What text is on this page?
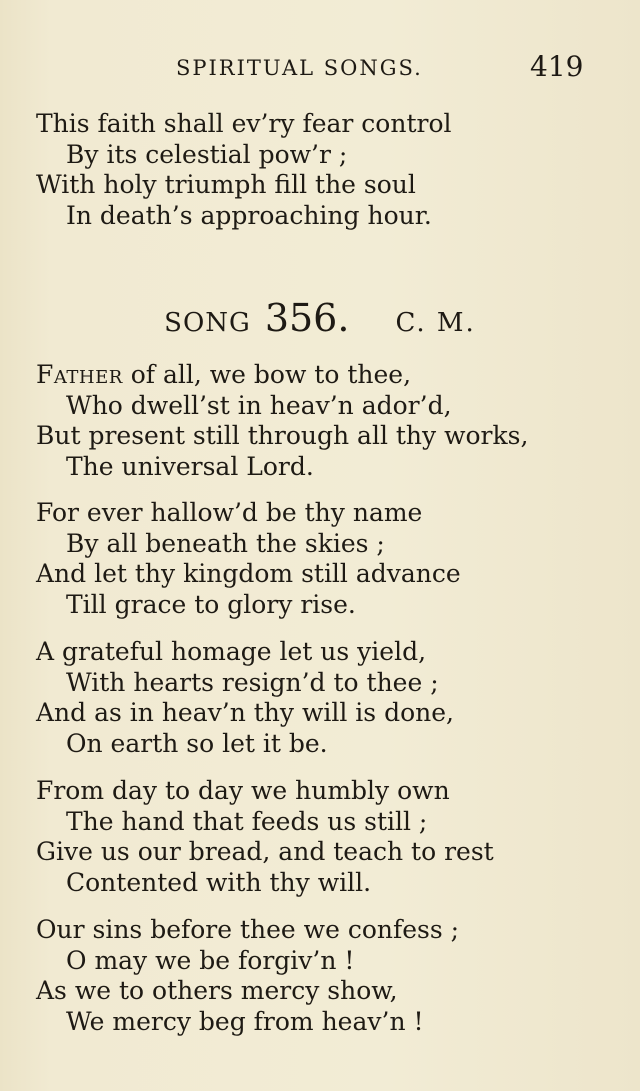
SPIRITUAL SONGS.	419
This faith shall ev’ry fear control
By its celestial pow’r ;
With holy triumph fill the soul
In death’s approaching hour.
SONG 356. C. M.
Father of all, we bow to thee,
Who dwell’st in heav’n ador’d,
But present still through all thy works,
The universal Lord.
For ever hallow’d be thy name
By all beneath the skies ;
And let thy kingdom still advance
Till grace to glory rise.
A grateful homage let us yield,
With hearts resign’d to thee ;
And as in heav’n thy will is done,
On earth so let it be.
From day to day we humbly own
The hand that feeds us still ;
Give us our bread, and teach to rest
Contented with thy will.
Our sins before thee we confess ;
O may we be forgiv’n !
As we to others mercy show,
We mercy beg from heav’n !
